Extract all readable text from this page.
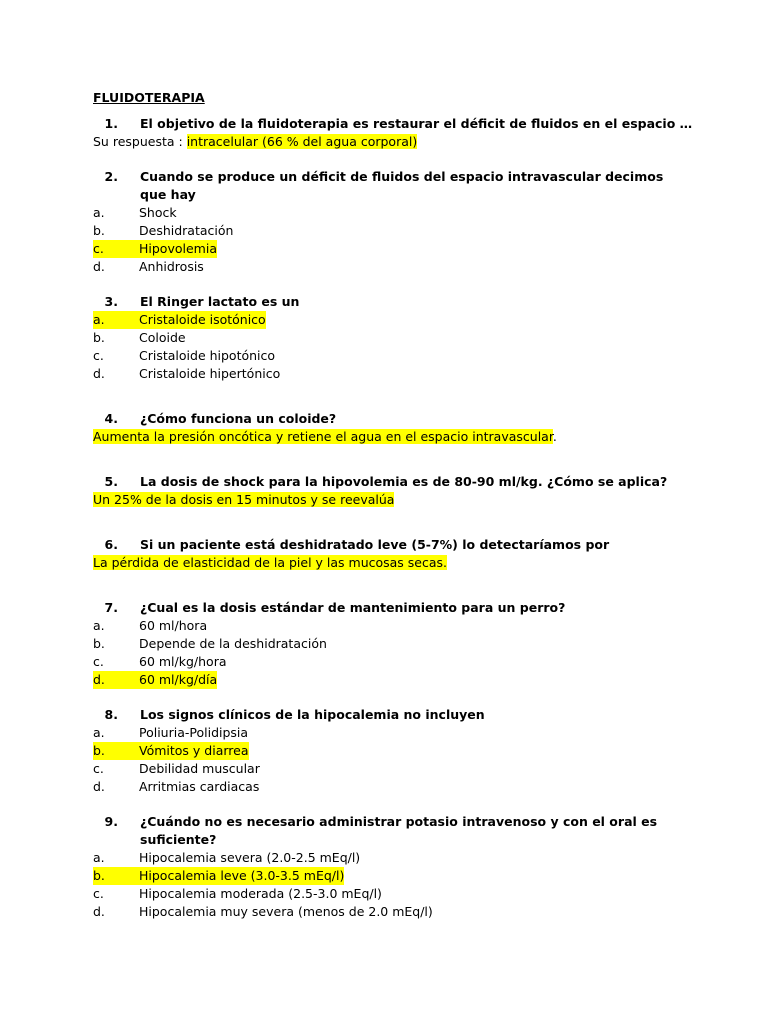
FLUIDOTERAPIA
1.	El objetivo de la fluidoterapia es restaurar el déficit de fluidos en el espacio …
Su respuesta : intracelular (66 % del agua corporal)
2.	Cuando se produce un déficit de fluidos del espacio intravascular decimos que hay
a.	Shock
b.	Deshidratación
c.	Hipovolemia
d.	Anhidrosis
3.	El Ringer lactato es un
a.	Cristaloide isotónico
b.	Coloide
c.	Cristaloide hipotónico
d.	Cristaloide hipertónico
4.	¿Cómo funciona un coloide?
Aumenta la presión oncótica y retiene el agua en el espacio intravascular.
5.	La dosis de shock para la hipovolemia es de 80-90 ml/kg. ¿Cómo se aplica?
Un 25% de la dosis en 15 minutos y se reevalúa
6.	Si un paciente está deshidratado leve (5-7%) lo detectaríamos por
La pérdida de elasticidad de la piel y las mucosas secas.
7.	¿Cual es la dosis estándar de mantenimiento para un perro?
a.	60 ml/hora
b.	Depende de la deshidratación
c.	60 ml/kg/hora
d.	60 ml/kg/día
8.	Los signos clínicos de la hipocalemia no incluyen
a.	Poliuria-Polidipsia
b.	Vómitos y diarrea
c.	Debilidad muscular
d.	Arritmias cardiacas
9.	¿Cuándo no es necesario administrar potasio intravenoso y con el oral es suficiente?
a.	Hipocalemia severa (2.0-2.5 mEq/l)
b.	Hipocalemia leve (3.0-3.5 mEq/l)
c.	Hipocalemia moderada (2.5-3.0 mEq/l)
d.	Hipocalemia muy severa (menos de 2.0 mEq/l)
